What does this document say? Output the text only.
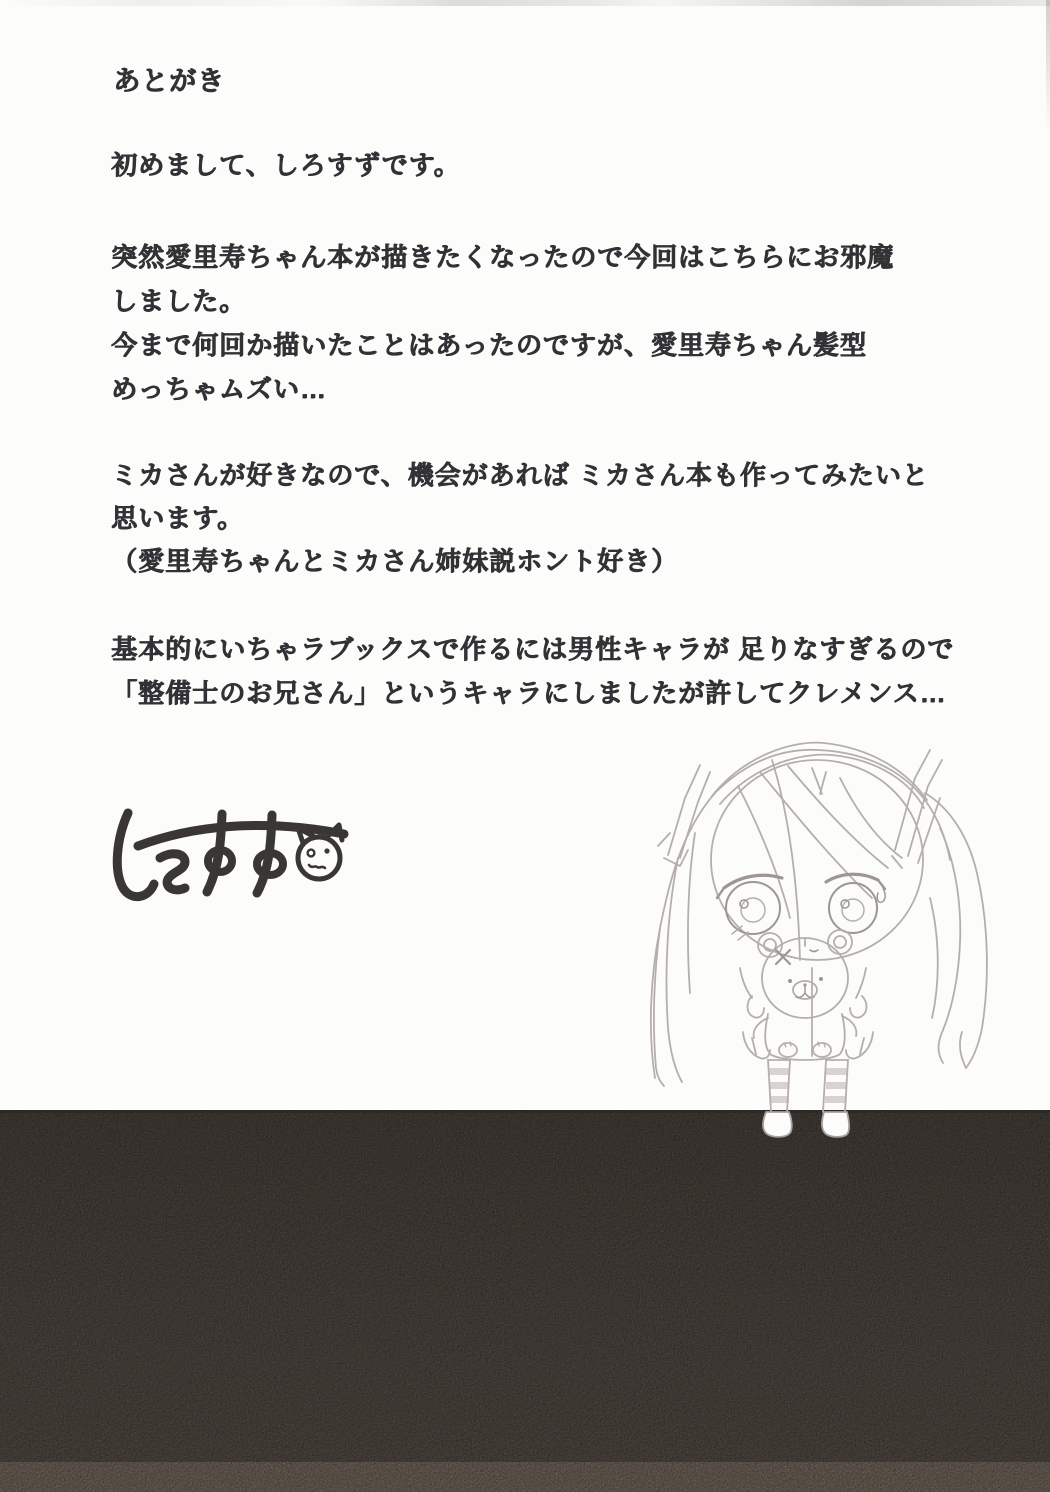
あとがき
初めまして、しろすずです。
突然愛里寿ちゃん本が描きたくなったので今回はこちらにお邪魔
しました。
今まで何回か描いたことはあったのですが、愛里寿ちゃん髪型
めっちゃムズい…
ミカさんが好きなので、機会があれば ミカさん本も作ってみたいと
思います。
（愛里寿ちゃんとミカさん姉妹説ホント好き）
基本的にいちゃラブックスで作るには男性キャラが 足りなすぎるので
「整備士のお兄さん」というキャラにしましたが許してクレメンス…
